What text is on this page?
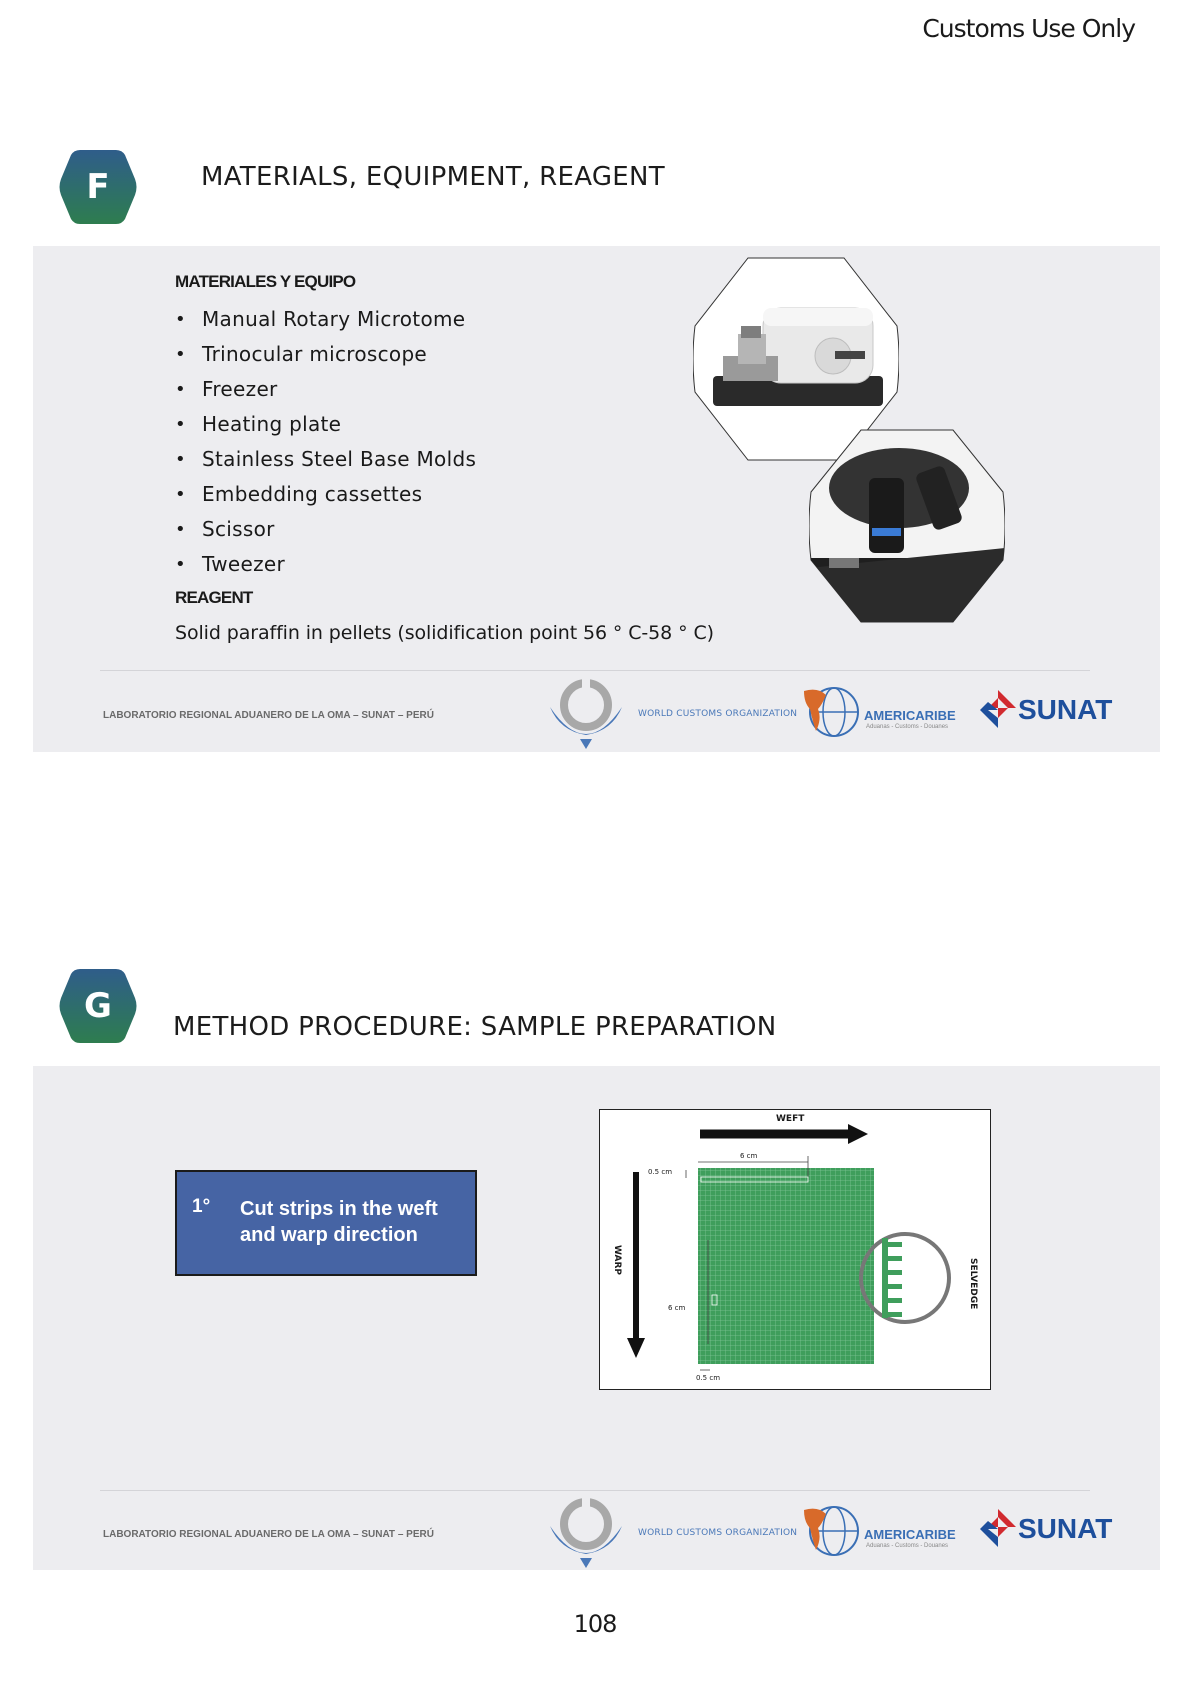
Customs Use Only
F	MATERIALS, EQUIPMENT, REAGENT
MATERIALES Y EQUIPO
• Manual Rotary Microtome
• Trinocular microscope
• Freezer
• Heating plate
• Stainless Steel Base Molds
• Embedding cassettes
• Scissor
• Tweezer
REAGENT
Solid paraffin in pellets (solidification point 56 ° C-58 ° C)
LABORATORIO REGIONAL ADUANERO DE LA OMA – SUNAT – PERÚ	WORLD CUSTOMS ORGANIZATION	AMERICARIBE
Aduanas - Customs - Douanes
SUNAT
G
METHOD PROCEDURE: SAMPLE PREPARATION
1° Cut strips in the weft and warp direction
WEFT
WARP	SELVEDGE
6 cm
0.5 cm
6 cm
0.5 cm
LABORATORIO REGIONAL ADUANERO DE LA OMA – SUNAT – PERÚ	WORLD CUSTOMS ORGANIZATION	AMERICARIBE
Aduanas - Customs - Douanes
SUNAT
108
